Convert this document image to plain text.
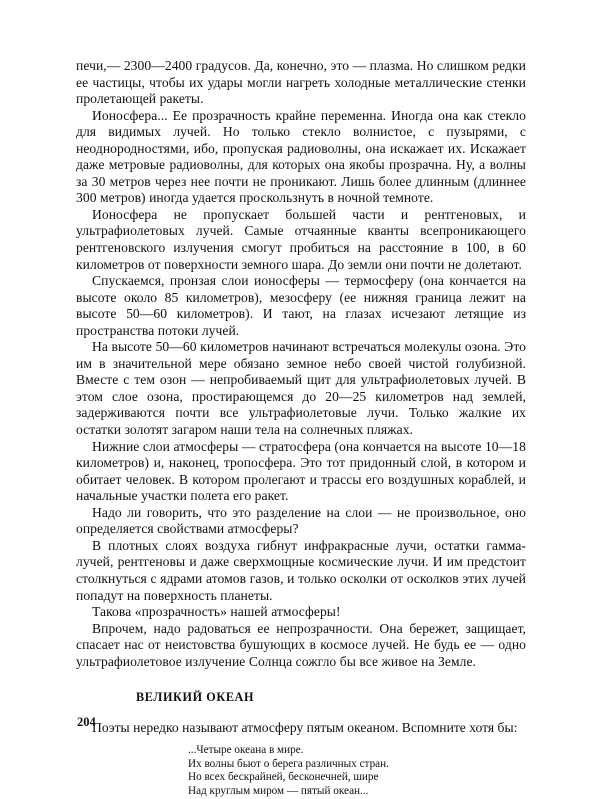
печи,— 2300—2400 градусов. Да, конечно, это — плазма. Но слишком редки ее частицы, чтобы их удары могли нагреть холодные металлические стенки пролетающей ракеты.

Ионосфера... Ее прозрачность крайне переменна. Иногда она как стекло для видимых лучей. Но только стекло волнистое, с пузырями, с неоднородностями, ибо, пропуская радиоволны, она искажает их. Искажает даже метровые радиоволны, для которых она якобы прозрачна. Ну, а волны за 30 метров через нее почти не проникают. Лишь более длинным (длиннее 300 метров) иногда удается проскользнуть в ночной темноте.

Ионосфера не пропускает большей части и рентгеновых, и ультрафиолетовых лучей. Самые отчаянные кванты всепроникающего рентгеновского излучения смогут пробиться на расстояние в 100, в 60 километров от поверхности земного шара. До земли они почти не долетают.

Спускаемся, пронзая слои ионосферы — термосферу (она кончается на высоте около 85 километров), мезосферу (ее нижняя граница лежит на высоте 50—60 километров). И тают, на глазах исчезают летящие из пространства потоки лучей.

На высоте 50—60 километров начинают встречаться молекулы озона. Это им в значительной мере обязано земное небо своей чистой голубизной. Вместе с тем озон — непробиваемый щит для ультрафиолетовых лучей. В этом слое озона, простирающемся до 20—25 километров над землей, задерживаются почти все ультрафиолетовые лучи. Только жалкие их остатки золотят загаром наши тела на солнечных пляжах.

Нижние слои атмосферы — стратосфера (она кончается на высоте 10—18 километров) и, наконец, тропосфера. Это тот придонный слой, в котором и обитает человек. В котором пролегают и трассы его воздушных кораблей, и начальные участки полета его ракет.

Надо ли говорить, что это разделение на слои — не произвольное, оно определяется свойствами атмосферы?

В плотных слоях воздуха гибнут инфракрасные лучи, остатки гамма-лучей, рентгеновы и даже сверхмощные космические лучи. И им предстоит столкнуться с ядрами атомов газов, и только осколки от осколков этих лучей попадут на поверхность планеты.

Такова «прозрачность» нашей атмосферы!

Впрочем, надо радоваться ее непрозрачности. Она бережет, защищает, спасает нас от неистовства бушующих в космосе лучей. Не будь ее — одно ультрафиолетовое излучение Солнца сожгло бы все живое на Земле.

ВЕЛИКИЙ ОКЕАН

Поэты нередко называют атмосферу пятым океаном. Вспомните хотя бы:

...Четыре океана в мире.
Их волны бьют о берега различных стран.
Но всех бескрайней, бесконечней, шире
Над круглым миром — пятый океан...
204
